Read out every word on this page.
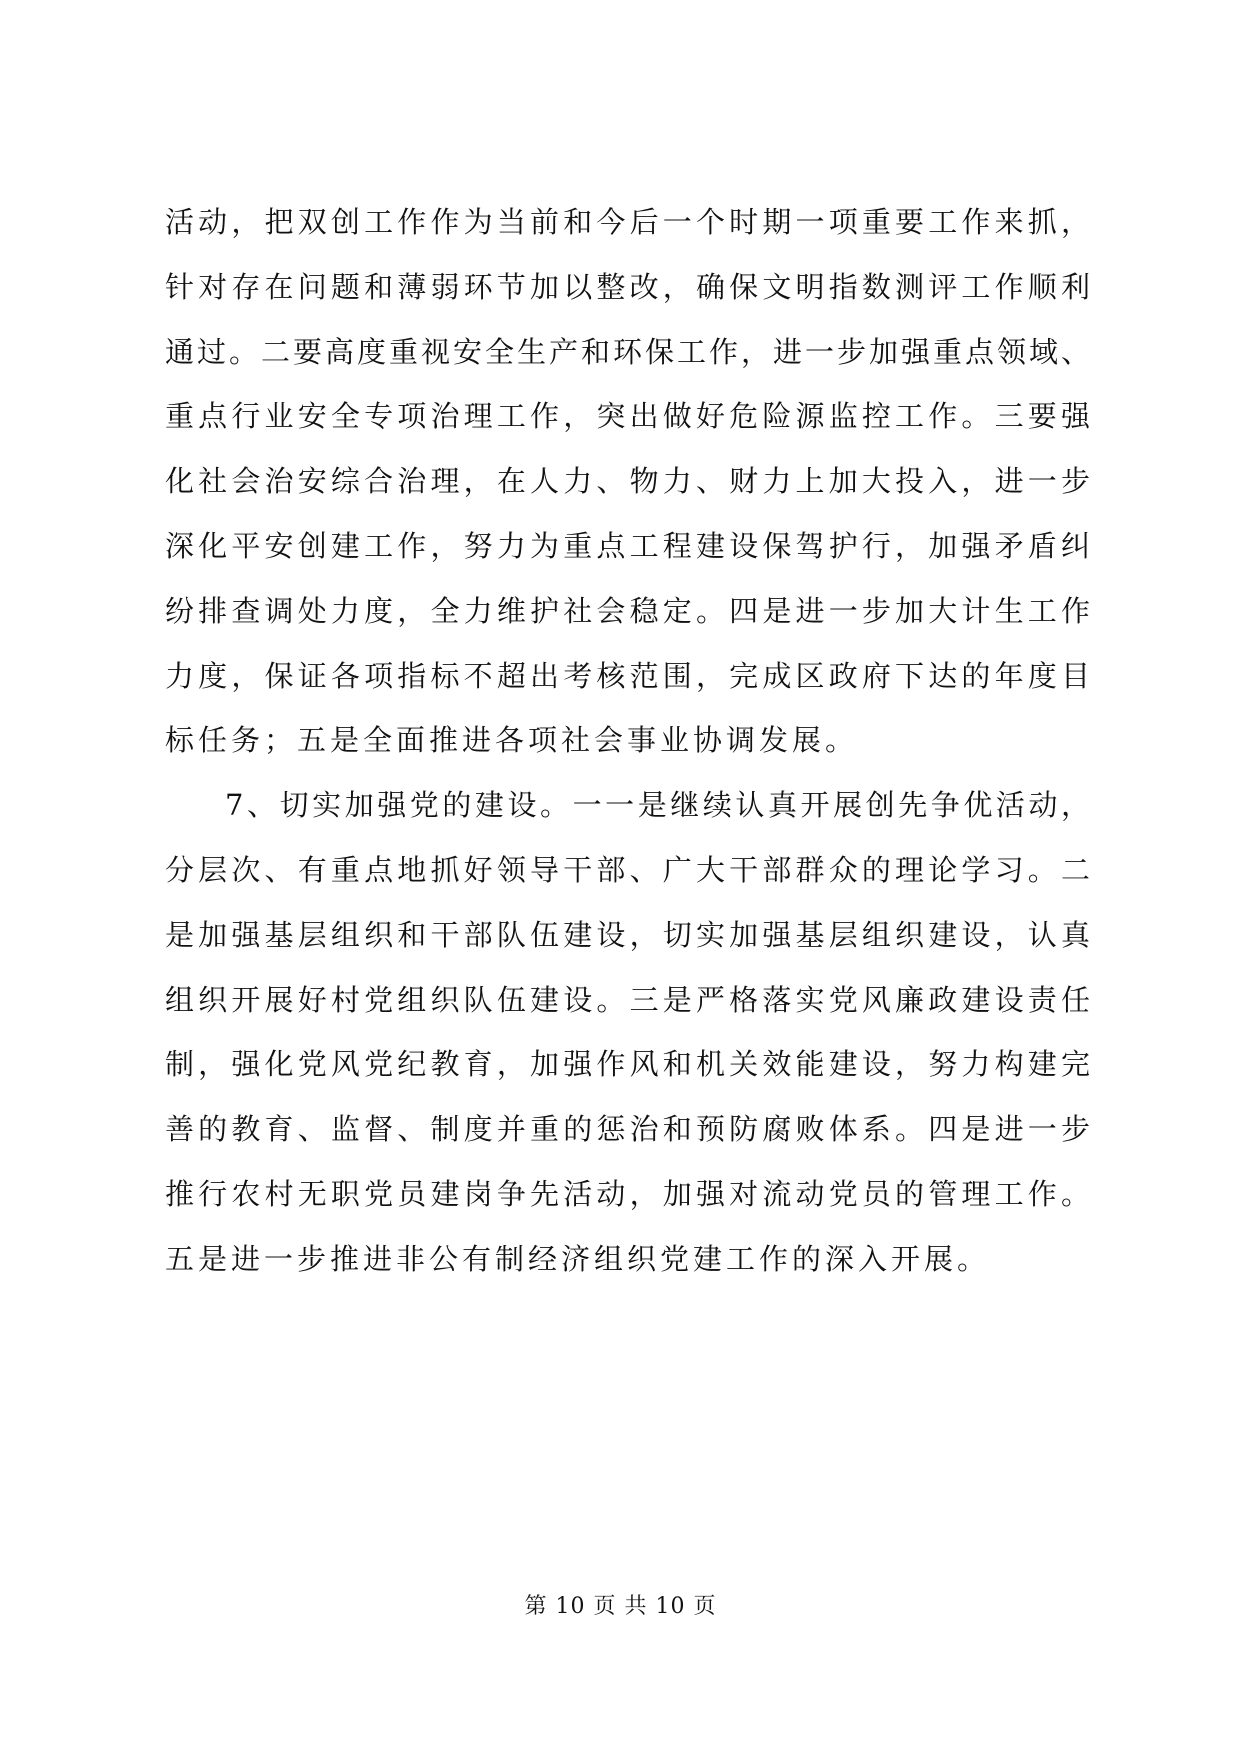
活动，把双创工作作为当前和今后一个时期一项重要工作来抓，
针对存在问题和薄弱环节加以整改，确保文明指数测评工作顺利
通过。二要高度重视安全生产和环保工作，进一步加强重点领域、
重点行业安全专项治理工作，突出做好危险源监控工作。三要强
化社会治安综合治理，在人力、物力、财力上加大投入，进一步
深化平安创建工作，努力为重点工程建设保驾护行，加强矛盾纠
纷排查调处力度，全力维护社会稳定。四是进一步加大计生工作
力度，保证各项指标不超出考核范围，完成区政府下达的年度目
标任务；五是全面推进各项社会事业协调发展。
7、切实加强党的建设。一一是继续认真开展创先争优活动，
分层次、有重点地抓好领导干部、广大干部群众的理论学习。二
是加强基层组织和干部队伍建设，切实加强基层组织建设，认真
组织开展好村党组织队伍建设。三是严格落实党风廉政建设责任
制，强化党风党纪教育，加强作风和机关效能建设，努力构建完
善的教育、监督、制度并重的惩治和预防腐败体系。四是进一步
推行农村无职党员建岗争先活动，加强对流动党员的管理工作。
五是进一步推进非公有制经济组织党建工作的深入开展。
第 10 页 共 10 页
